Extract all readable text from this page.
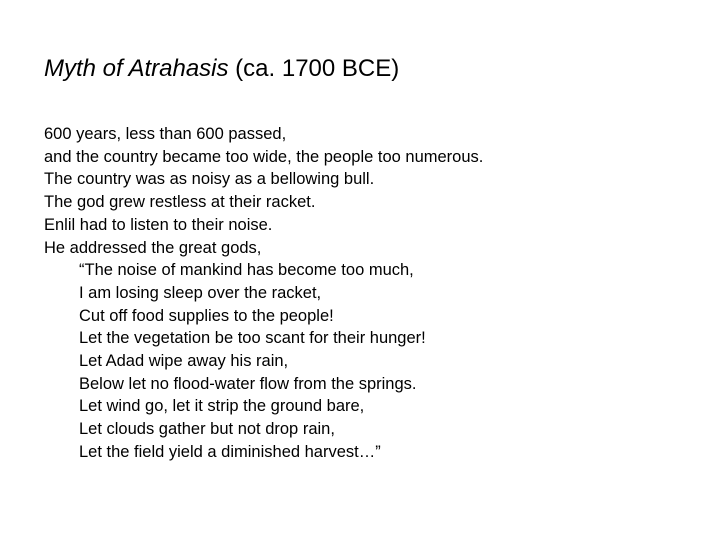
Myth of Atrahasis (ca. 1700 BCE)
600 years, less than 600 passed,
and the country became too wide, the people too numerous.
The country was as noisy as a bellowing bull.
The god grew restless at their racket.
Enlil had to listen to their noise.
He addressed the great gods,
“The noise of mankind has become too much,
I am losing sleep over the racket,
Cut off food supplies to the people!
Let the vegetation be too scant for their hunger!
Let Adad wipe away his rain,
Below let no flood-water flow from the springs.
Let wind go, let it strip the ground bare,
Let clouds gather but not drop rain,
Let the field yield a diminished harvest…”
